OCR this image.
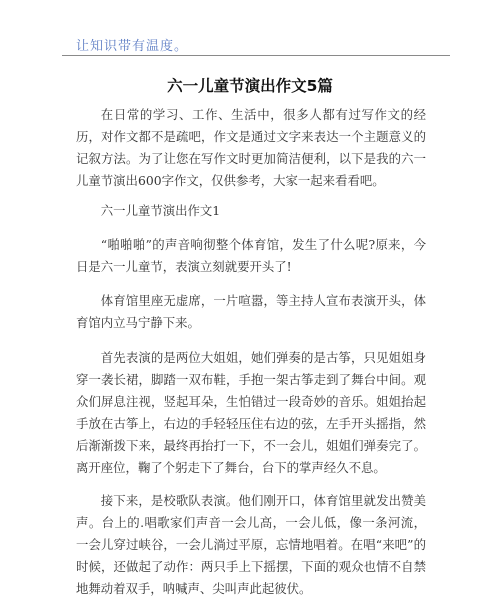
让知识带有温度。
六一儿童节演出作文5篇

在日常的学习、工作、生活中，很多人都有过写作文的经历，对作文都不是疏吧，作文是通过文字来表达一个主题意义的记叙方法。为了让您在写作文时更加简洁便利，以下是我的六一儿童节演出600字作文，仅供参考，大家一起来看看吧。

六一儿童节演出作文1

“啪啪啪”的声音响彻整个体育馆，发生了什么呢?原来，今日是六一儿童节，表演立刻就要开头了!

体育馆里座无虚席，一片喧嚣，等主持人宣布表演开头，体育馆内立马宁静下来。

首先表演的是两位大姐姐，她们弹奏的是古筝，只见姐姐身穿一袭长裙，脚踏一双布鞋，手抱一架古筝走到了舞台中间。观众们屏息注视，竖起耳朵，生怕错过一段奇妙的音乐。姐姐抬起手放在古筝上，右边的手轻轻压住右边的弦，左手开头摇指，然后渐渐拨下来，最终再抬打一下，不一会儿，姐姐们弹奏完了。离开座位，鞠了个躬走下了舞台，台下的掌声经久不息。

接下来，是校歌队表演。他们刚开口，体育馆里就发出赞美声。台上的.唱歌家们声音一会儿高，一会儿低，像一条河流，一会儿穿过峡谷，一会儿淌过平原，忘情地唱着。在唱“来吧”的时候，还做起了动作：两只手上下摇摆，下面的观众也情不自禁地舞动着双手，呐喊声、尖叫声此起彼伏。
